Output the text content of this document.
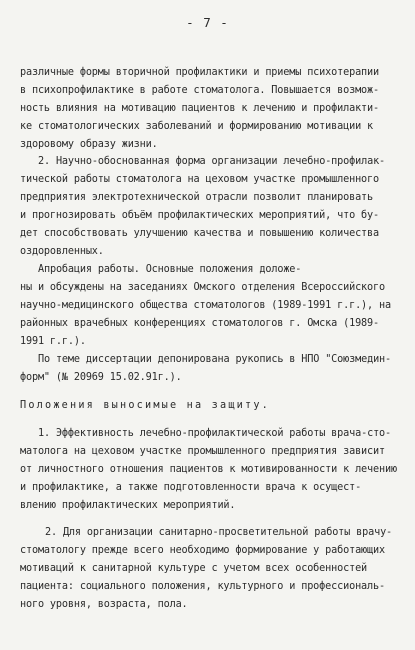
- 7 -
различные формы вторичной профилактики и приемы психотерапии
в психопрофилактике в работе стоматолога. Повышается возмож-
ность влияния на мотивацию пациентов к лечению и профилакти-
ке стоматологических заболеваний и формированию мотивации к
здоровому образу жизни.
2. Научно-обоснованная форма организации лечебно-профилак-
тической работы стоматолога на цеховом участке промышленного
предприятия электротехнической отрасли позволит планировать
и прогнозировать объём профилактических мероприятий, что бу-
дет способствовать улучшению качества и повышению количества
оздоровленных.
Апробация работы. Основные положения доложе-
ны и обсуждены на заседаниях Омского отделения Всероссийского
научно-медицинского общества стоматологов (1989-1991 г.г.), на
районных врачебных конференциях стоматологов г. Омска (1989-
1991 г.г.).
По теме диссертации депонирована рукопись в НПО "Союзмедин-
форм" (№ 20969 15.02.91г.).
Положения выносимые на защиту.
1. Эффективность лечебно-профилактической работы врача-сто-
матолога на цеховом участке промышленного предприятия зависит
от личностного отношения пациентов к мотивированности к лечению
и профилактике, а также подготовленности врача к осущест-
влению профилактических мероприятий.
2. Для организации санитарно-просветительной работы врачу-
стоматологу прежде всего необходимо формирование у работающих
мотиваций к санитарной культуре с учетом всех особенностей
пациента: социального положения, культурного и профессиональ-
ного уровня, возраста, пола.
